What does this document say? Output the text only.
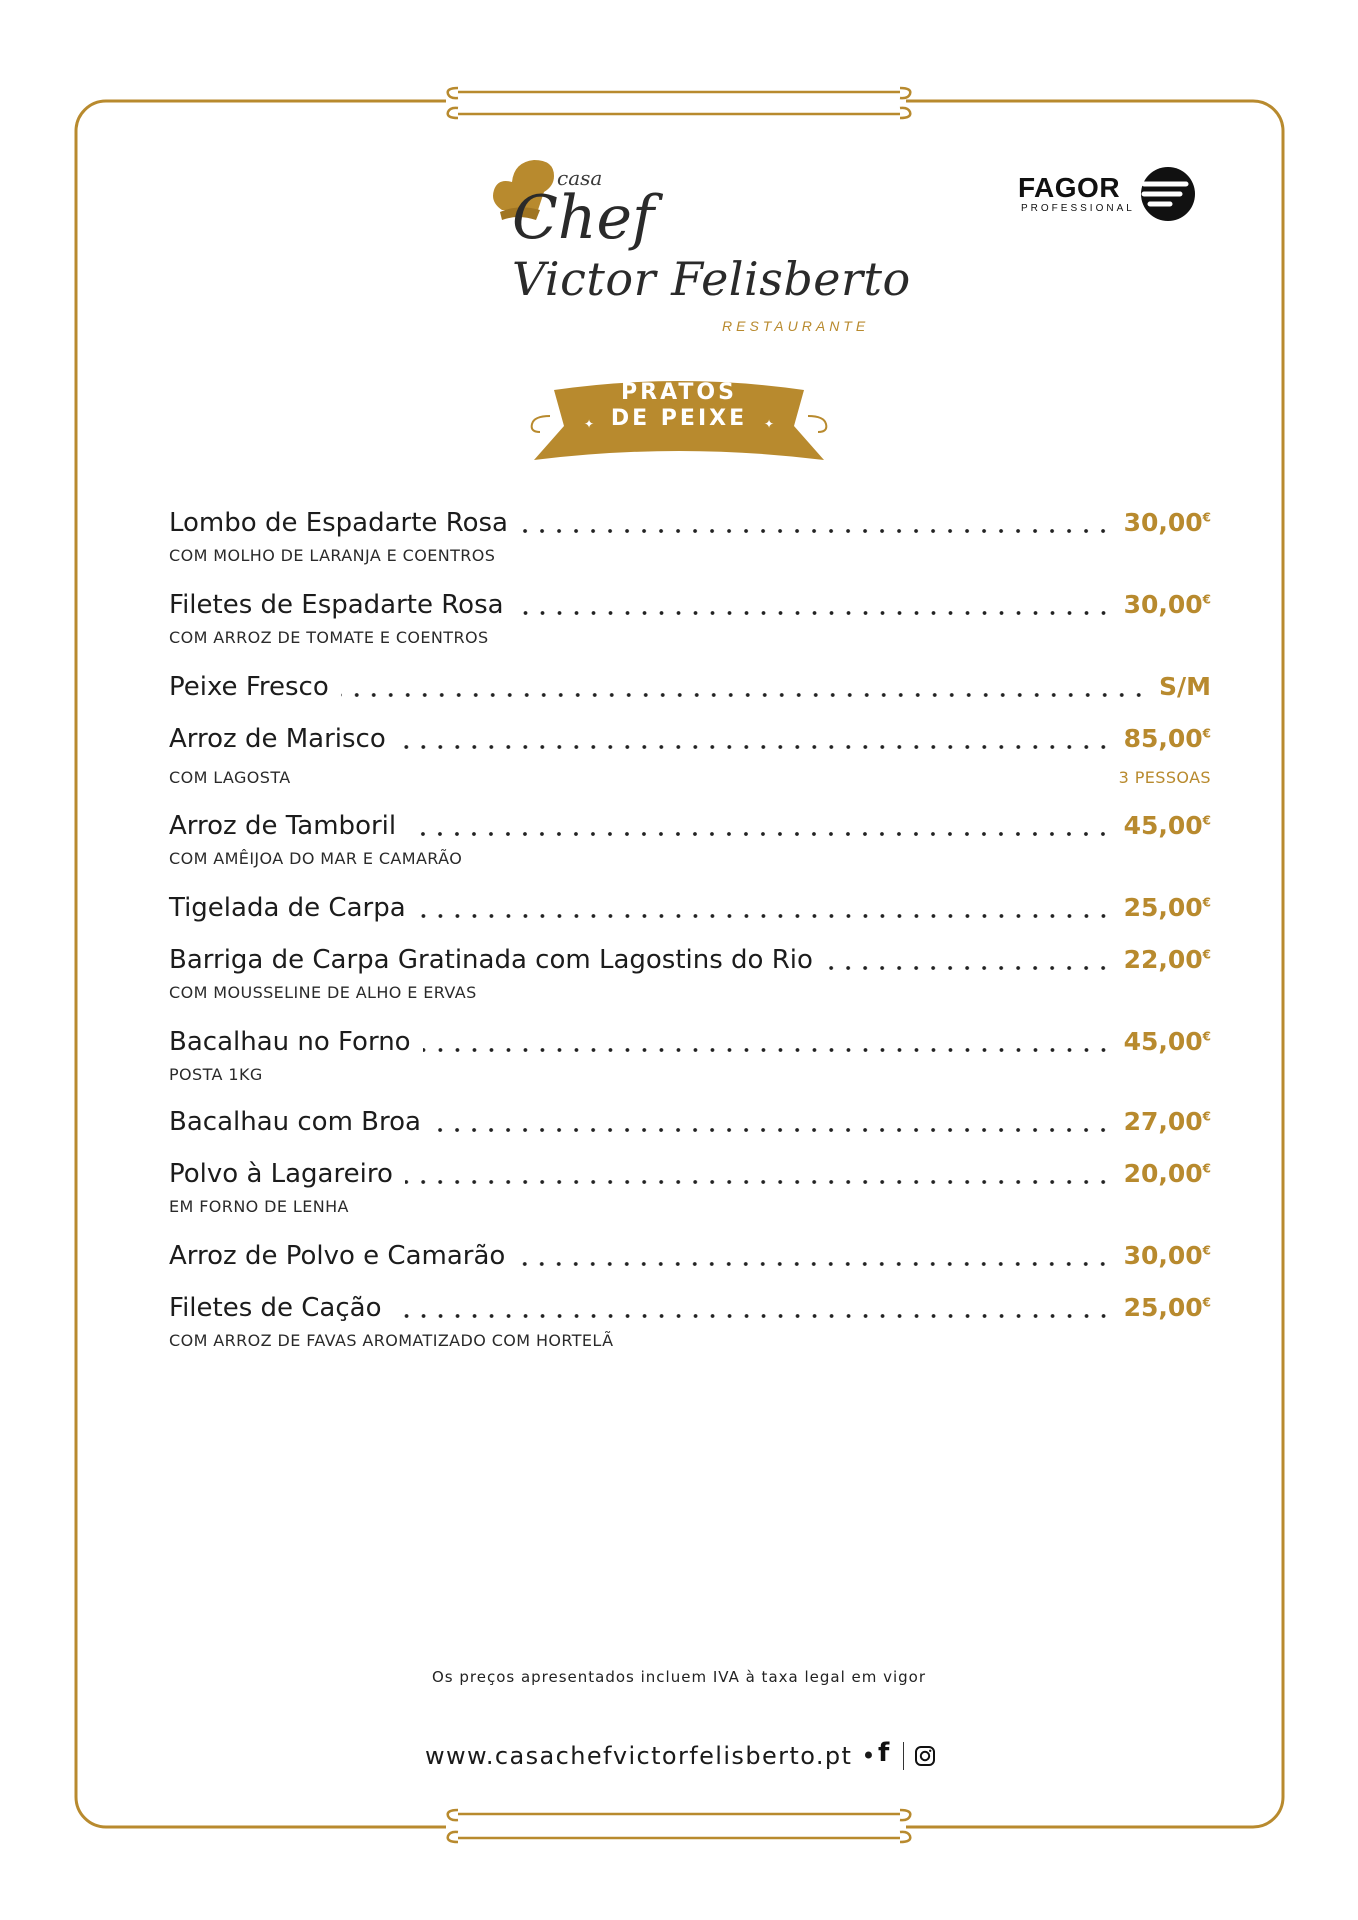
casa
Chef
Victor Felisberto
RESTAURANTE
FAGOR
PROFESSIONAL
✦	✦
PRATOS
DE PEIXE
Lombo de Espadarte Rosa	30,00€
COM MOLHO DE LARANJA E COENTROS
Filetes de Espadarte Rosa	30,00€
COM ARROZ DE TOMATE E COENTROS
Peixe Fresco	S/M
Arroz de Marisco	85,00€
COM LAGOSTA	3 PESSOAS
Arroz de Tamboril	45,00€
COM AMÊIJOA DO MAR E CAMARÃO
Tigelada de Carpa	25,00€
Barriga de Carpa Gratinada com Lagostins do Rio	22,00€
COM MOUSSELINE DE ALHO E ERVAS
Bacalhau no Forno	45,00€
POSTA 1KG
Bacalhau com Broa	27,00€
Polvo à Lagareiro	20,00€
EM FORNO DE LENHA
Arroz de Polvo e Camarão	30,00€
Filetes de Cação	25,00€
COM ARROZ DE FAVAS AROMATIZADO COM HORTELÃ
Os preços apresentados incluem IVA à taxa legal em vigor
www.casachefvictorfelisberto.pt • f
